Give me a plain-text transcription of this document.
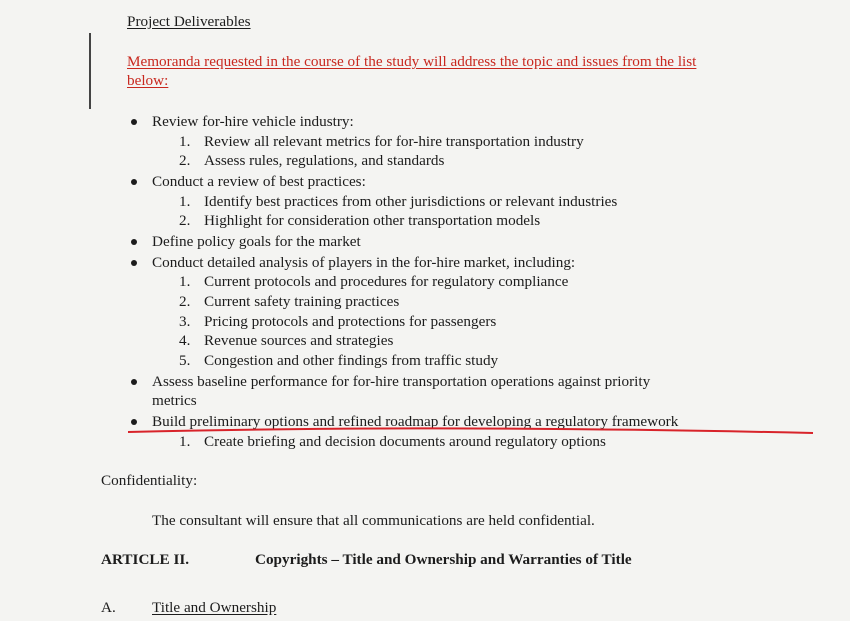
Project Deliverables
Memoranda requested in the course of the study will address the topic and issues from the list
below:
Review for-hire vehicle industry:
1. Review all relevant metrics for for-hire transportation industry
2. Assess rules, regulations, and standards
Conduct a review of best practices:
1. Identify best practices from other jurisdictions or relevant industries
2. Highlight for consideration other transportation models
Define policy goals for the market
Conduct detailed analysis of players in the for-hire market, including:
1. Current protocols and procedures for regulatory compliance
2. Current safety training practices
3. Pricing protocols and protections for passengers
4. Revenue sources and strategies
5. Congestion and other findings from traffic study
Assess baseline performance for for-hire transportation operations against priority
metrics
Build preliminary options and refined roadmap for developing a regulatory framework
1. Create briefing and decision documents around regulatory options
Confidentiality:
The consultant will ensure that all communications are held confidential.
ARTICLE II.	Copyrights – Title and Ownership and Warranties of Title
A. Title and Ownership
